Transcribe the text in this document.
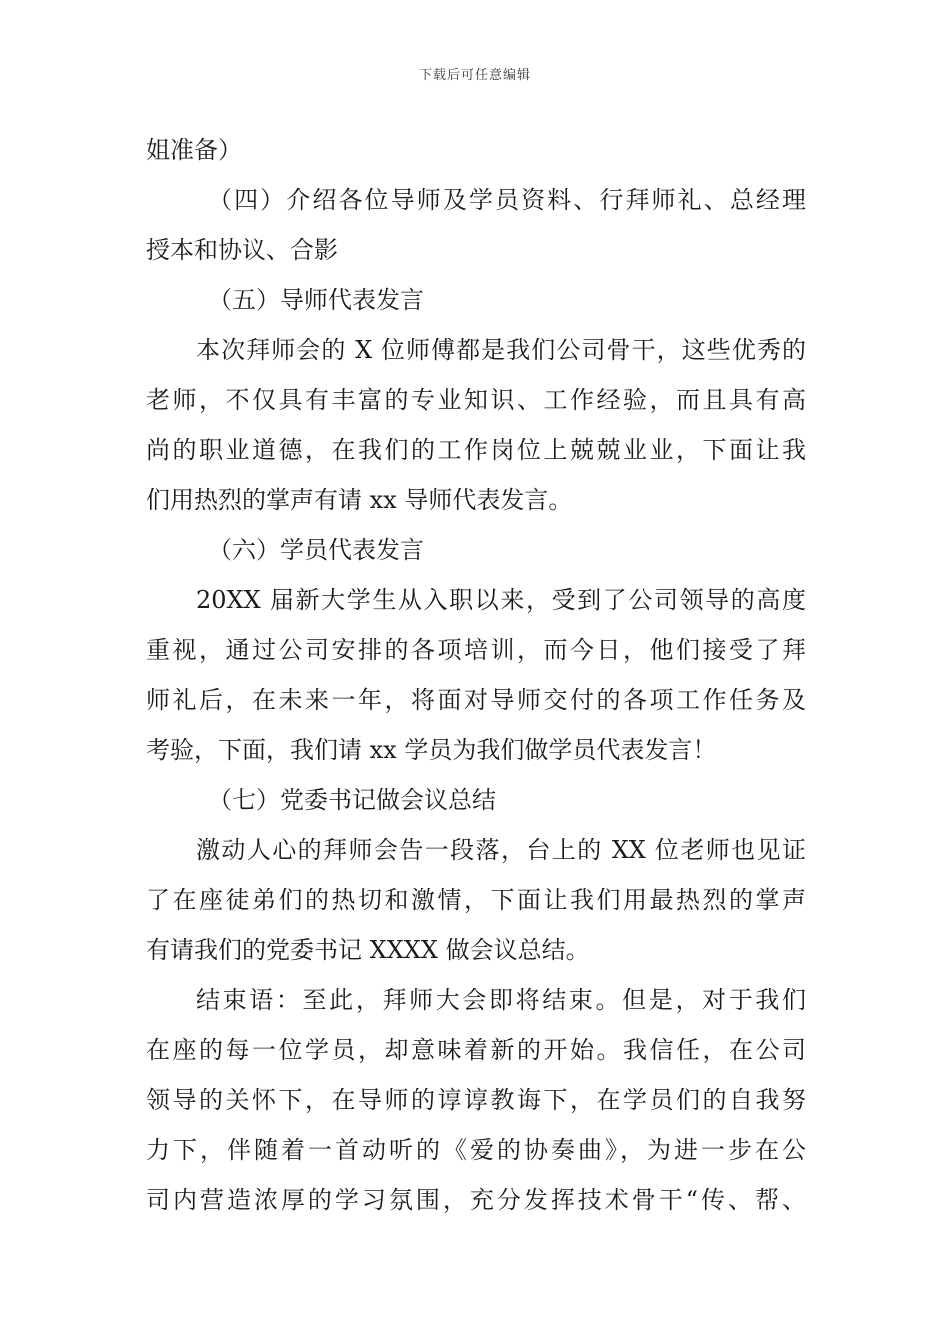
下载后可任意编辑
姐准备）
（四）介绍各位导师及学员资料、行拜师礼、总经理
授本和协议、合影
（五）导师代表发言
本次拜师会的 X 位师傅都是我们公司骨干，这些优秀的
老师，不仅具有丰富的专业知识、工作经验，而且具有高
尚的职业道德，在我们的工作岗位上兢兢业业，下面让我
们用热烈的掌声有请 xx 导师代表发言。
（六）学员代表发言
20XX 届新大学生从入职以来，受到了公司领导的高度
重视，通过公司安排的各项培训，而今日，他们接受了拜
师礼后，在未来一年，将面对导师交付的各项工作任务及
考验，下面，我们请 xx 学员为我们做学员代表发言！
（七）党委书记做会议总结
激动人心的拜师会告一段落，台上的 XX 位老师也见证
了在座徒弟们的热切和激情，下面让我们用最热烈的掌声
有请我们的党委书记 XXXX 做会议总结。
结束语：至此，拜师大会即将结束。但是，对于我们
在座的每一位学员，却意味着新的开始。我信任，在公司
领导的关怀下，在导师的谆谆教诲下，在学员们的自我努
力下，伴随着一首动听的《爱的协奏曲》，为进一步在公
司内营造浓厚的学习氛围，充分发挥技术骨干“传、帮、
